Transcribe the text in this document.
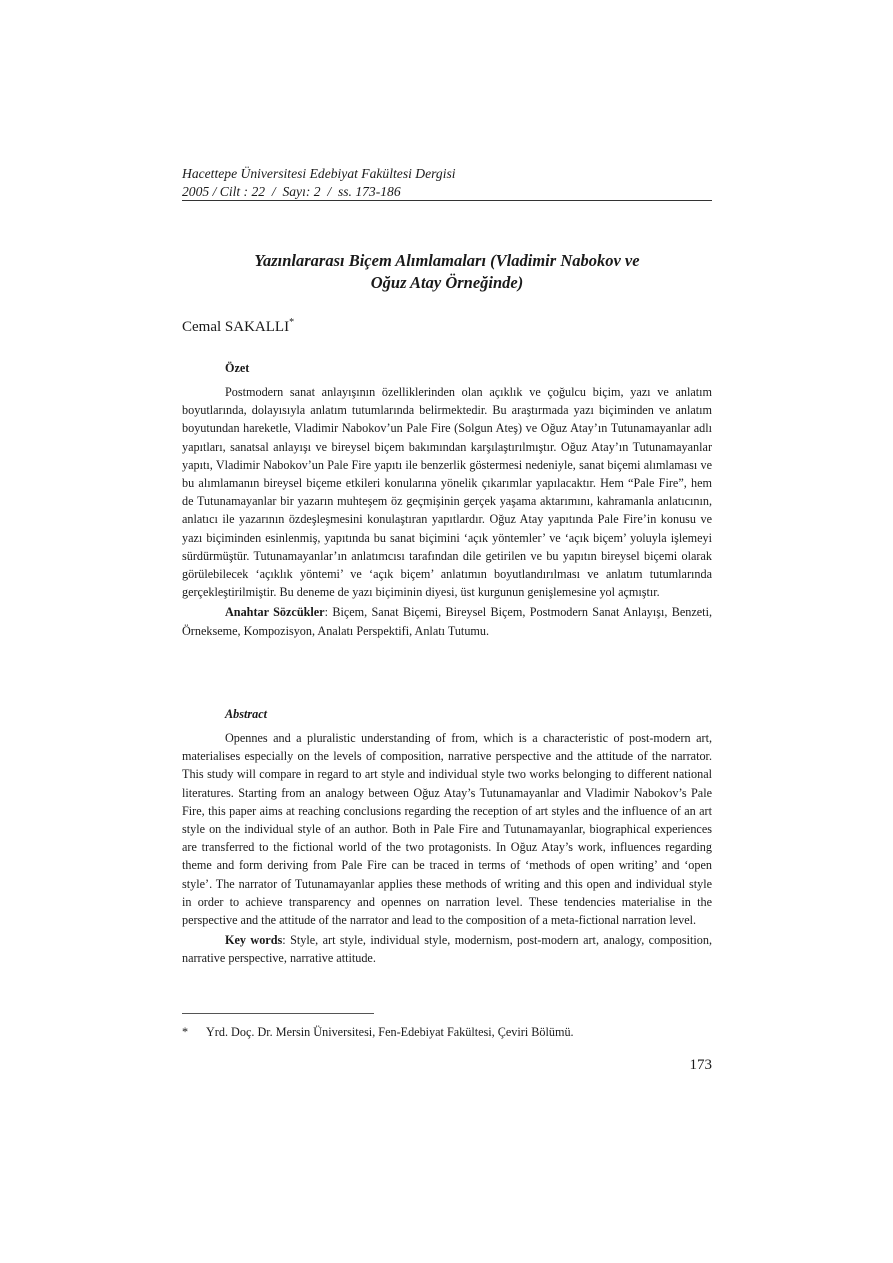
Hacettepe Üniversitesi Edebiyat Fakültesi Dergisi
2005 / Cilt : 22  /  Sayı: 2  /  ss. 173-186
Yazınlararası Biçem Alımlamaları (Vladimir Nabokov ve
Oğuz Atay Örneğinde)
Cemal SAKALLI*
Özet

Postmodern sanat anlayışının özelliklerinden olan açıklık ve çoğulcu biçim, yazı ve anlatım boyutlarında, dolayısıyla anlatım tutumlarında belirmektedir. Bu araştırmada yazı biçiminden ve anlatım boyutundan hareketle, Vladimir Nabokov’un Pale Fire (Solgun Ateş) ve Oğuz Atay’ın Tutunamayanlar adlı yapıtları, sanatsal anlayışı ve bireysel biçem bakımından karşılaştırılmıştır. Oğuz Atay’ın Tutunamayanlar yapıtı, Vladimir Nabokov’un Pale Fire yapıtı ile benzerlik göstermesi nedeniyle, sanat biçemi alımlaması ve bu alımlamanın bireysel biçeme etkileri konularına yönelik çıkarımlar yapılacaktır. Hem “Pale Fire”, hem de Tutunamayanlar bir yazarın muhteşem öz geçmişinin gerçek yaşama aktarımını, kahramanla anlatıcının, anlatıcı ile yazarının özdeşleşmesini konulaştıran yapıtlardır. Oğuz Atay yapıtında Pale Fire’in konusu ve yazı biçiminden esinlenmiş, yapıtında bu sanat biçimini ‘açık yöntemler’ ve ‘açık biçem’ yoluyla işlemeyi sürdürmüştür. Tutunamayanlar’ın anlatımcısı tarafından dile getirilen ve bu yapıtın bireysel biçemi olarak görülebilecek ‘açıklık yöntemi’ ve ‘açık biçem’ anlatımın boyutlandırılması ve anlatım tutumlarında gerçekleştirilmiştir. Bu deneme de yazı biçiminin diyesi, üst kurgunun genişlemesine yol açmıştır.

Anahtar Sözcükler: Biçem, Sanat Biçemi, Bireysel Biçem, Postmodern Sanat Anlayışı, Benzeti, Örnekseme, Kompozisyon, Analatı Perspektifi, Anlatı Tutumu.

Abstract

Opennes and a pluralistic understanding of from, which is a characteristic of post-modern art, materialises especially on the levels of composition, narrative perspective and the attitude of the narrator. This study will compare in regard to art style and individual style two works belonging to different national literatures. Starting from an analogy between Oğuz Atay’s Tutunamayanlar and Vladimir Nabokov’s Pale Fire, this paper aims at reaching conclusions regarding the reception of art styles and the influence of an art style on the individual style of an author. Both in Pale Fire and Tutunamayanlar, biographical experiences are transferred to the fictional world of the two protagonists. In Oğuz Atay’s work, influences regarding theme and form deriving from Pale Fire can be traced in terms of ‘methods of open writing’ and ‘open style’. The narrator of Tutunamayanlar applies these methods of writing and this open and individual style in order to achieve transparency and opennes on narration level. These tendencies materialise in the perspective and the attitude of the narrator and lead to the composition of a meta-fictional narration level.

Key words: Style, art style, individual style, modernism, post-modern art, analogy, composition, narrative perspective, narrative attitude.

* Yrd. Doç. Dr. Mersin Üniversitesi, Fen-Edebiyat Fakültesi, Çeviri Bölümü.
173
